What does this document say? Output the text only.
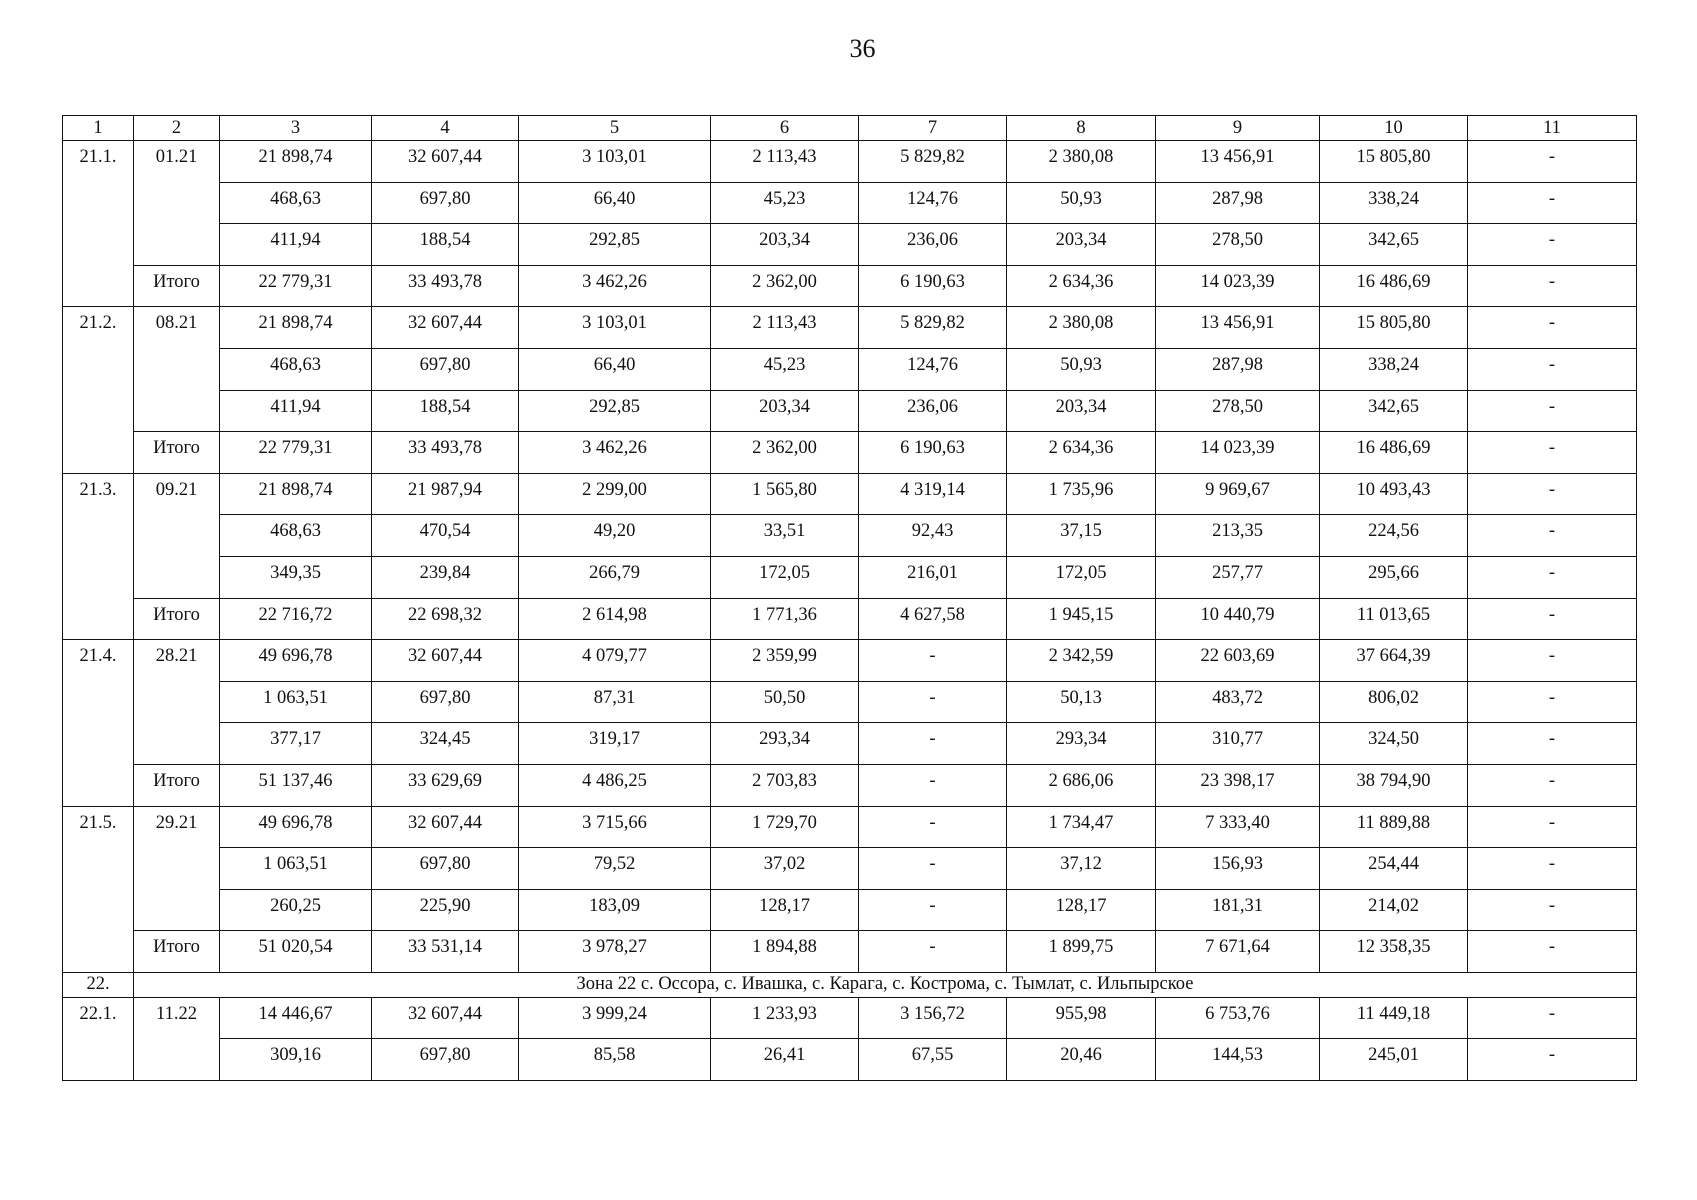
36
1	2	3	4	5	6	7	8	9	10	11
21.1.	01.21	21 898,74	32 607,44	3 103,01	2 113,43	5 829,82	2 380,08	13 456,91	15 805,80	-
		468,63	697,80	66,40	45,23	124,76	50,93	287,98	338,24	-
		411,94	188,54	292,85	203,34	236,06	203,34	278,50	342,65	-
	Итого	22 779,31	33 493,78	3 462,26	2 362,00	6 190,63	2 634,36	14 023,39	16 486,69	-
21.2.	08.21	21 898,74	32 607,44	3 103,01	2 113,43	5 829,82	2 380,08	13 456,91	15 805,80	-
		468,63	697,80	66,40	45,23	124,76	50,93	287,98	338,24	-
		411,94	188,54	292,85	203,34	236,06	203,34	278,50	342,65	-
	Итого	22 779,31	33 493,78	3 462,26	2 362,00	6 190,63	2 634,36	14 023,39	16 486,69	-
21.3.	09.21	21 898,74	21 987,94	2 299,00	1 565,80	4 319,14	1 735,96	9 969,67	10 493,43	-
		468,63	470,54	49,20	33,51	92,43	37,15	213,35	224,56	-
		349,35	239,84	266,79	172,05	216,01	172,05	257,77	295,66	-
	Итого	22 716,72	22 698,32	2 614,98	1 771,36	4 627,58	1 945,15	10 440,79	11 013,65	-
21.4.	28.21	49 696,78	32 607,44	4 079,77	2 359,99	-	2 342,59	22 603,69	37 664,39	-
		1 063,51	697,80	87,31	50,50	-	50,13	483,72	806,02	-
		377,17	324,45	319,17	293,34	-	293,34	310,77	324,50	-
	Итого	51 137,46	33 629,69	4 486,25	2 703,83	-	2 686,06	23 398,17	38 794,90	-
21.5.	29.21	49 696,78	32 607,44	3 715,66	1 729,70	-	1 734,47	7 333,40	11 889,88	-
		1 063,51	697,80	79,52	37,02	-	37,12	156,93	254,44	-
		260,25	225,90	183,09	128,17	-	128,17	181,31	214,02	-
	Итого	51 020,54	33 531,14	3 978,27	1 894,88	-	1 899,75	7 671,64	12 358,35	-
22.	Зона 22 с. Оссора, с. Ивашка, с. Карага, с. Кострома, с. Тымлат, с. Ильпырское									
22.1.	11.22	14 446,67	32 607,44	3 999,24	1 233,93	3 156,72	955,98	6 753,76	11 449,18	-
		309,16	697,80	85,58	26,41	67,55	20,46	144,53	245,01	-
